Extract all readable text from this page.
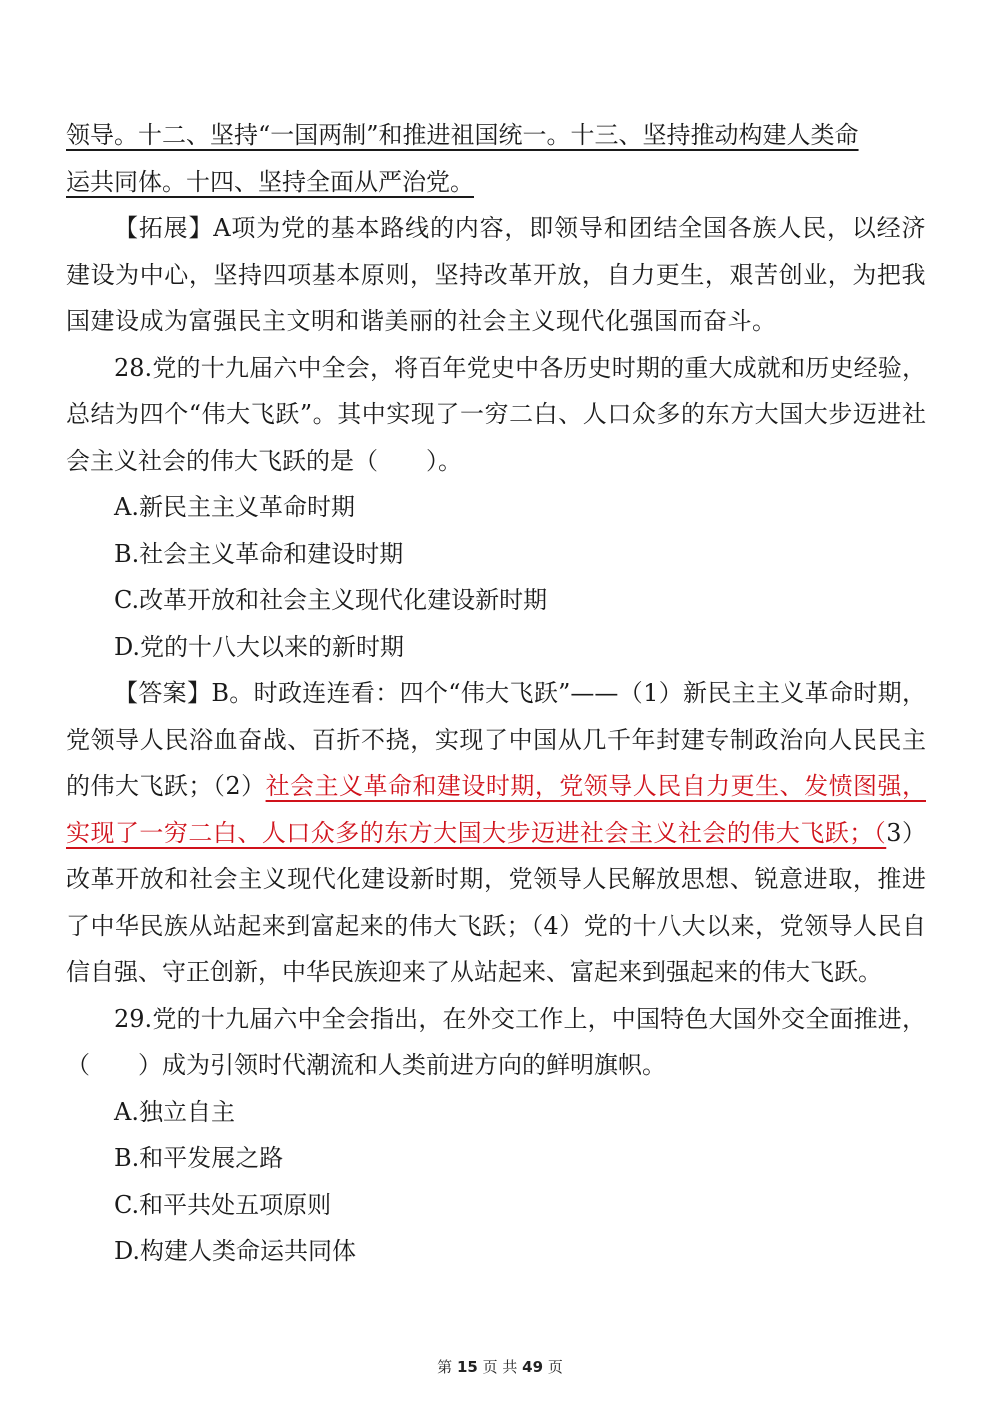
领导。十二、坚持“一国两制”和推进祖国统一。十三、坚持推动构建人类命

运共同体。十四、坚持全面从严治党。

【拓展】A项为党的基本路线的内容，即领导和团结全国各族人民，以经济建设为中心，坚持四项基本原则，坚持改革开放，自力更生，艰苦创业，为把我国建设成为富强民主文明和谐美丽的社会主义现代化强国而奋斗。

28.党的十九届六中全会，将百年党史中各历史时期的重大成就和历史经验，总结为四个“伟大飞跃”。其中实现了一穷二白、人口众多的东方大国大步迈进社会主义社会的伟大飞跃的是（　　）。

A.新民主主义革命时期

B.社会主义革命和建设时期

C.改革开放和社会主义现代化建设新时期

D.党的十八大以来的新时期

【答案】B。时政连连看：四个“伟大飞跃”——（1）新民主主义革命时期，党领导人民浴血奋战、百折不挠，实现了中国从几千年封建专制政治向人民民主的伟大飞跃；（2）社会主义革命和建设时期，党领导人民自力更生、发愤图强，实现了一穷二白、人口众多的东方大国大步迈进社会主义社会的伟大飞跃；（3）改革开放和社会主义现代化建设新时期，党领导人民解放思想、锐意进取，推进了中华民族从站起来到富起来的伟大飞跃；（4）党的十八大以来，党领导人民自信自强、守正创新，中华民族迎来了从站起来、富起来到强起来的伟大飞跃。

29.党的十九届六中全会指出，在外交工作上，中国特色大国外交全面推进，（　　）成为引领时代潮流和人类前进方向的鲜明旗帜。

A.独立自主

B.和平发展之路

C.和平共处五项原则

D.构建人类命运共同体

第 15 页 共 49 页
